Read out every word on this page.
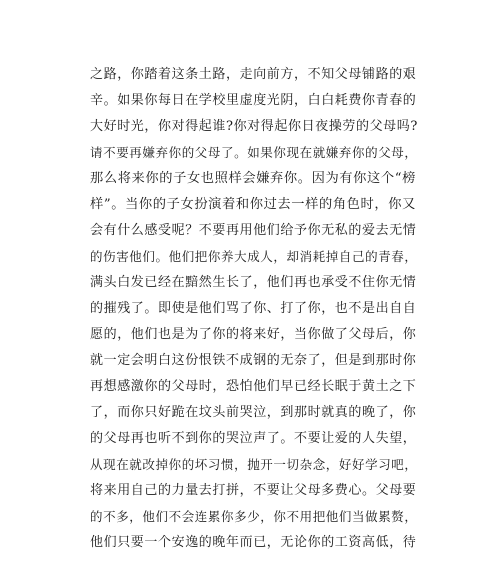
之路，你踏着这条土路，走向前方，不知父母铺路的艰
辛。如果你每日在学校里虚度光阴，白白耗费你青春的
大好时光，你对得起谁?你对得起你日夜操劳的父母吗?
请不要再嫌弃你的父母了。如果你现在就嫌弃你的父母，
那么将来你的子女也照样会嫌弃你。因为有你这个“榜
样”。当你的子女扮演着和你过去一样的角色时，你又
会有什么感受呢？不要再用他们给予你无私的爱去无情
的伤害他们。他们把你养大成人，却消耗掉自己的青春，
满头白发已经在黯然生长了，他们再也承受不住你无情
的摧残了。即使是他们骂了你、打了你，也不是出自自
愿的，他们也是为了你的将来好，当你做了父母后，你
就一定会明白这份恨铁不成钢的无奈了，但是到那时你
再想感激你的父母时，恐怕他们早已经长眠于黄土之下
了，而你只好跪在坟头前哭泣，到那时就真的晚了，你
的父母再也听不到你的哭泣声了。不要让爱的人失望，
从现在就改掉你的坏习惯，抛开一切杂念，好好学习吧，
将来用自己的力量去打拼，不要让父母多费心。父母要
的不多，他们不会连累你多少，你不用把他们当做累赘，
他们只要一个安逸的晚年而已，无论你的工资高低，待
